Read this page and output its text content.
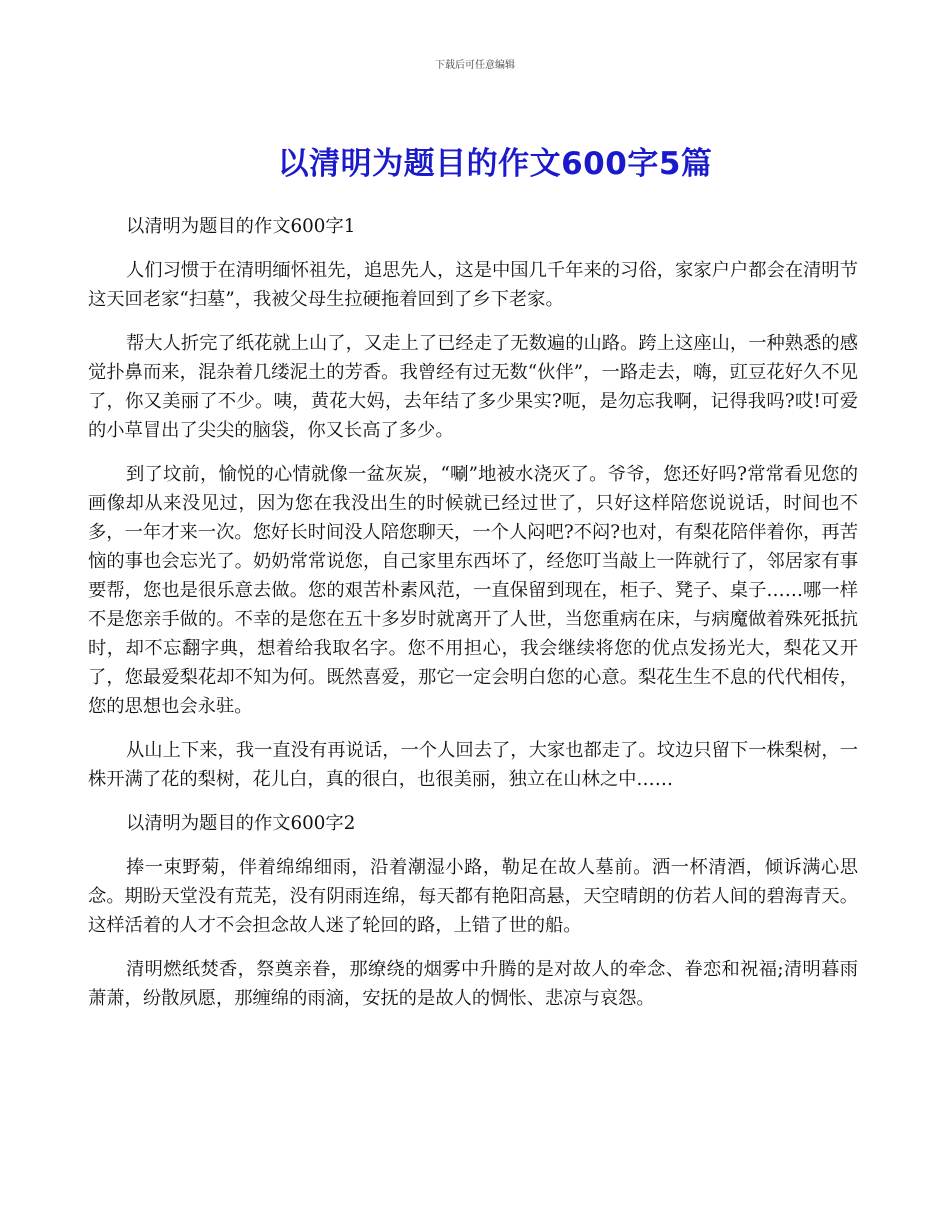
下载后可任意编辑
以清明为题目的作文600字5篇

以清明为题目的作文600字1

人们习惯于在清明缅怀祖先，追思先人，这是中国几千年来的习俗，家家户户都会在清明节这天回老家“扫墓”，我被父母生拉硬拖着回到了乡下老家。

帮大人折完了纸花就上山了，又走上了已经走了无数遍的山路。跨上这座山，一种熟悉的感觉扑鼻而来，混杂着几缕泥土的芳香。我曾经有过无数“伙伴”，一路走去，嗨，豇豆花好久不见了，你又美丽了不少。咦，黄花大妈，去年结了多少果实?呃，是勿忘我啊，记得我吗?哎!可爱的小草冒出了尖尖的脑袋，你又长高了多少。

到了坟前，愉悦的心情就像一盆灰炭，“唰”地被水浇灭了。爷爷，您还好吗?常常看见您的画像却从来没见过，因为您在我没出生的时候就已经过世了，只好这样陪您说说话，时间也不多，一年才来一次。您好长时间没人陪您聊天，一个人闷吧?不闷?也对，有梨花陪伴着你，再苦恼的事也会忘光了。奶奶常常说您，自己家里东西坏了，经您叮当敲上一阵就行了，邻居家有事要帮，您也是很乐意去做。您的艰苦朴素风范，一直保留到现在，柜子、凳子、桌子……哪一样不是您亲手做的。不幸的是您在五十多岁时就离开了人世，当您重病在床，与病魔做着殊死抵抗时，却不忘翻字典，想着给我取名字。您不用担心，我会继续将您的优点发扬光大，梨花又开了，您最爱梨花却不知为何。既然喜爱，那它一定会明白您的心意。梨花生生不息的代代相传，您的思想也会永驻。

从山上下来，我一直没有再说话，一个人回去了，大家也都走了。坟边只留下一株梨树，一株开满了花的梨树，花儿白，真的很白，也很美丽，独立在山林之中……

以清明为题目的作文600字2

捧一束野菊，伴着绵绵细雨，沿着潮湿小路，勒足在故人墓前。洒一杯清酒，倾诉满心思念。期盼天堂没有荒芜，没有阴雨连绵，每天都有艳阳高悬，天空晴朗的仿若人间的碧海青天。这样活着的人才不会担念故人迷了轮回的路，上错了世的船。

清明燃纸焚香，祭奠亲眷，那缭绕的烟雾中升腾的是对故人的牵念、眷恋和祝福;清明暮雨萧萧，纷散夙愿，那缠绵的雨滴，安抚的是故人的惆怅、悲凉与哀怨。
